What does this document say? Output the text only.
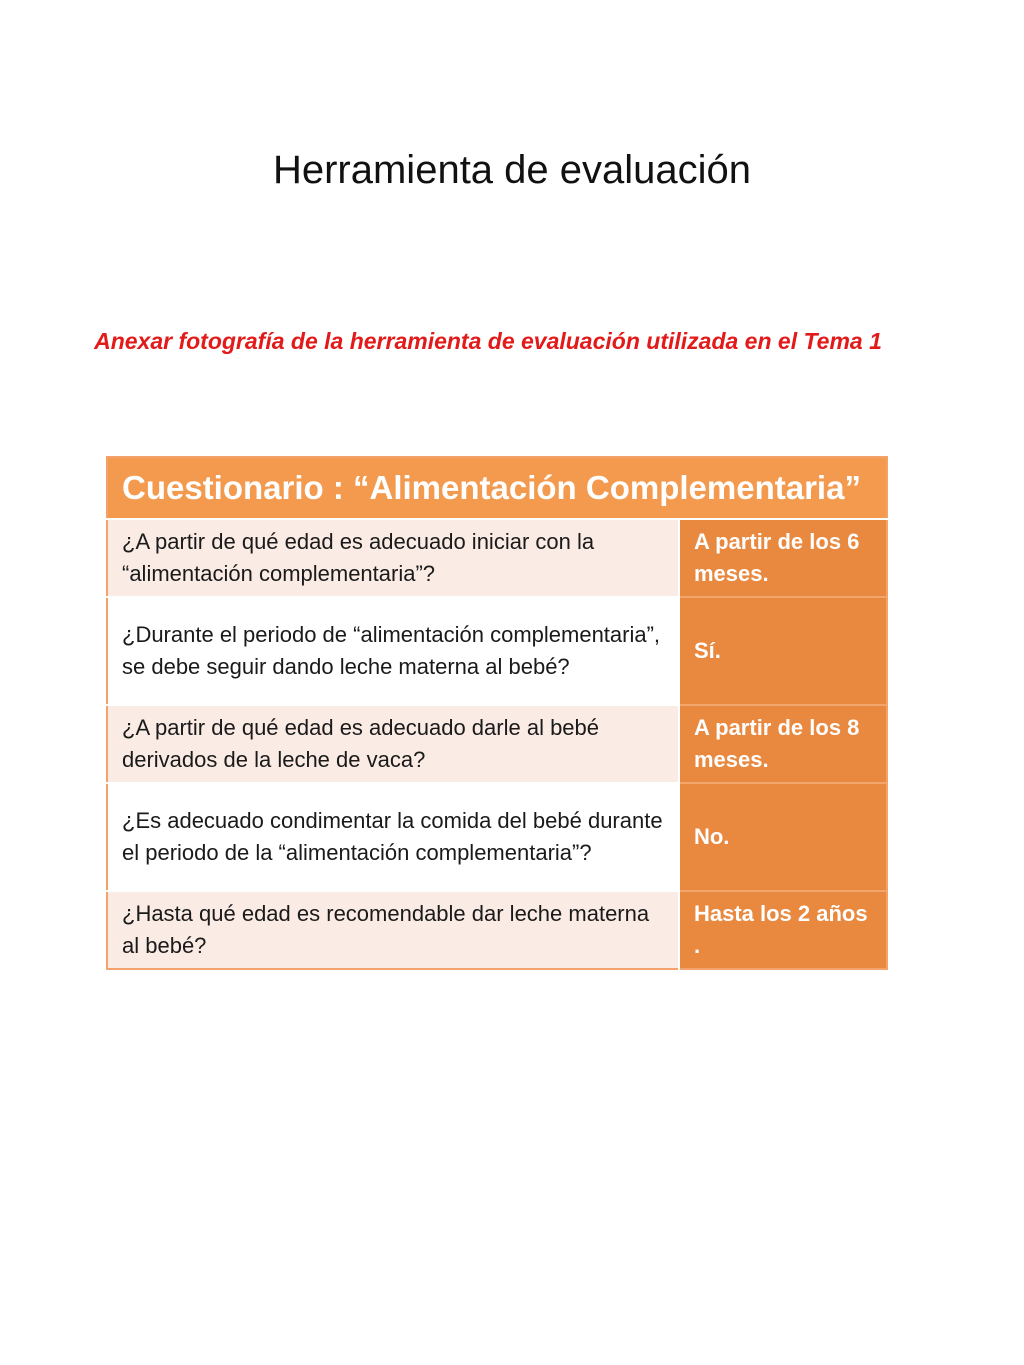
Herramienta de evaluación

Anexar fotografía de la herramienta de evaluación utilizada en el Tema 1

Cuestionario : “Alimentación Complementaria”	
¿A partir de qué edad es adecuado iniciar con la “alimentación complementaria”?	A partir de los 6 meses.
¿Durante el periodo de “alimentación complementaria”, se debe seguir dando leche materna al bebé?	Sí.
¿A partir de qué edad es adecuado darle al bebé derivados de la leche de vaca?	A partir de los 8 meses.
¿Es adecuado condimentar la comida del bebé durante el periodo de la “alimentación complementaria”?	No.
¿Hasta qué edad es recomendable dar leche materna al bebé?	Hasta los 2 años .
